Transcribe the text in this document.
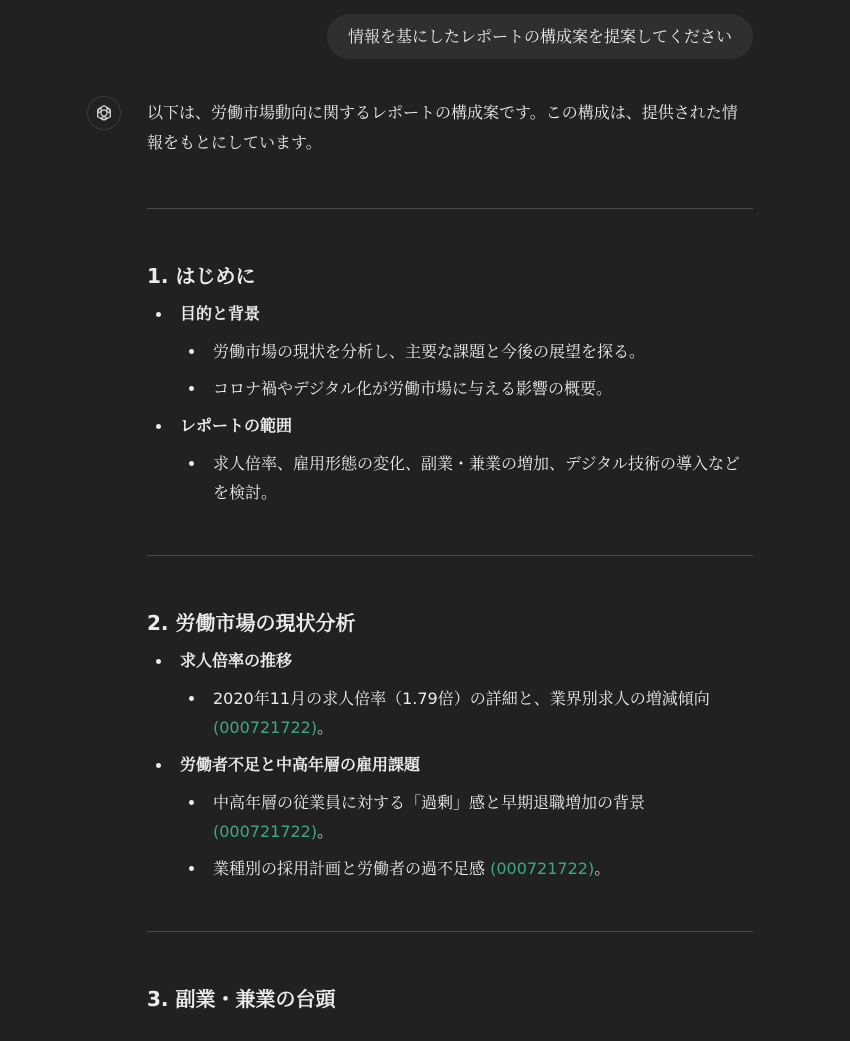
情報を基にしたレポートの構成案を提案してください

以下は、労働市場動向に関するレポートの構成案です。この構成は、提供された情報をもとにしています。

1. はじめに
目的と背景
労働市場の現状を分析し、主要な課題と今後の展望を探る。
コロナ禍やデジタル化が労働市場に与える影響の概要。
レポートの範囲
求人倍率、雇用形態の変化、副業・兼業の増加、デジタル技術の導入などを検討。
2. 労働市場の現状分析
求人倍率の推移
2020年11月の求人倍率（1.79倍）の詳細と、業界別求人の増減傾向 (000721722)。
労働者不足と中高年層の雇用課題
中高年層の従業員に対する「過剰」感と早期退職増加の背景 (000721722)。
業種別の採用計画と労働者の過不足感 (000721722)。
3. 副業・兼業の台頭
